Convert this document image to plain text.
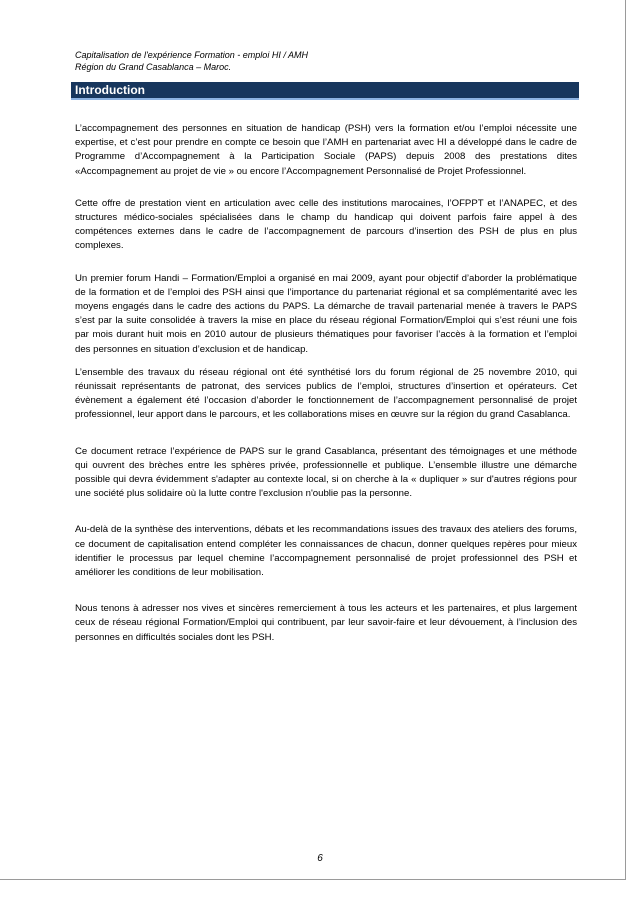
Capitalisation de l'expérience Formation - emploi HI / AMH
Région du Grand Casablanca – Maroc.
Introduction

L’accompagnement des personnes en situation de handicap (PSH) vers la formation et/ou l’emploi nécessite une expertise, et c’est pour prendre en compte ce besoin que l’AMH en partenariat avec HI a développé dans le cadre de Programme d’Accompagnement à la Participation Sociale (PAPS) depuis 2008 des prestations dites «Accompagnement au projet de vie » ou encore l’Accompagnement Personnalisé de Projet Professionnel.

Cette offre de prestation vient en articulation avec celle des institutions marocaines, l’OFPPT et l’ANAPEC, et des structures médico-sociales spécialisées dans le champ du handicap qui doivent parfois faire appel à des compétences externes dans le cadre de l’accompagnement de parcours d’insertion des PSH de plus en plus complexes.

Un premier forum Handi – Formation/Emploi a organisé en mai 2009, ayant pour objectif d’aborder la problématique de la formation et de l’emploi des PSH ainsi que l’importance du partenariat régional et sa complémentarité avec les moyens engagés dans le cadre des actions du PAPS. La démarche de travail partenarial menée à travers le PAPS s’est par la suite consolidée à travers la mise en place du réseau régional Formation/Emploi qui s’est réuni une fois par mois durant huit mois en 2010 autour de plusieurs thématiques pour favoriser l’accès à la formation et l’emploi des personnes en situation d’exclusion et de handicap.

L’ensemble des travaux du réseau régional ont été synthétisé lors du forum régional de 25 novembre 2010, qui réunissait représentants de patronat, des services publics de l’emploi, structures d’insertion et opérateurs. Cet évènement a également été l’occasion d’aborder le fonctionnement de l’accompagnement personnalisé de projet professionnel, leur apport dans le parcours, et les collaborations mises en œuvre sur la région du grand Casablanca.

Ce document retrace l’expérience de PAPS sur le grand Casablanca, présentant des témoignages et une méthode qui ouvrent des brèches entre les sphères privée, professionnelle et publique. L’ensemble illustre une démarche possible qui devra évidemment s'adapter au contexte local, si on cherche à la « dupliquer » sur d'autres régions pour une société plus solidaire où la lutte contre l'exclusion n'oublie pas la personne.

Au-delà de la synthèse des interventions, débats et les recommandations issues des travaux des ateliers des forums, ce document de capitalisation entend compléter les connaissances de chacun, donner quelques repères pour mieux identifier le processus par lequel chemine l’accompagnement personnalisé de projet professionnel des PSH et améliorer les conditions de leur mobilisation.

Nous tenons à adresser nos vives et sincères remerciement à tous les acteurs et les partenaires, et plus largement ceux de réseau régional Formation/Emploi qui contribuent, par leur savoir-faire et leur dévouement, à l’inclusion des personnes en difficultés sociales dont les PSH.

6
